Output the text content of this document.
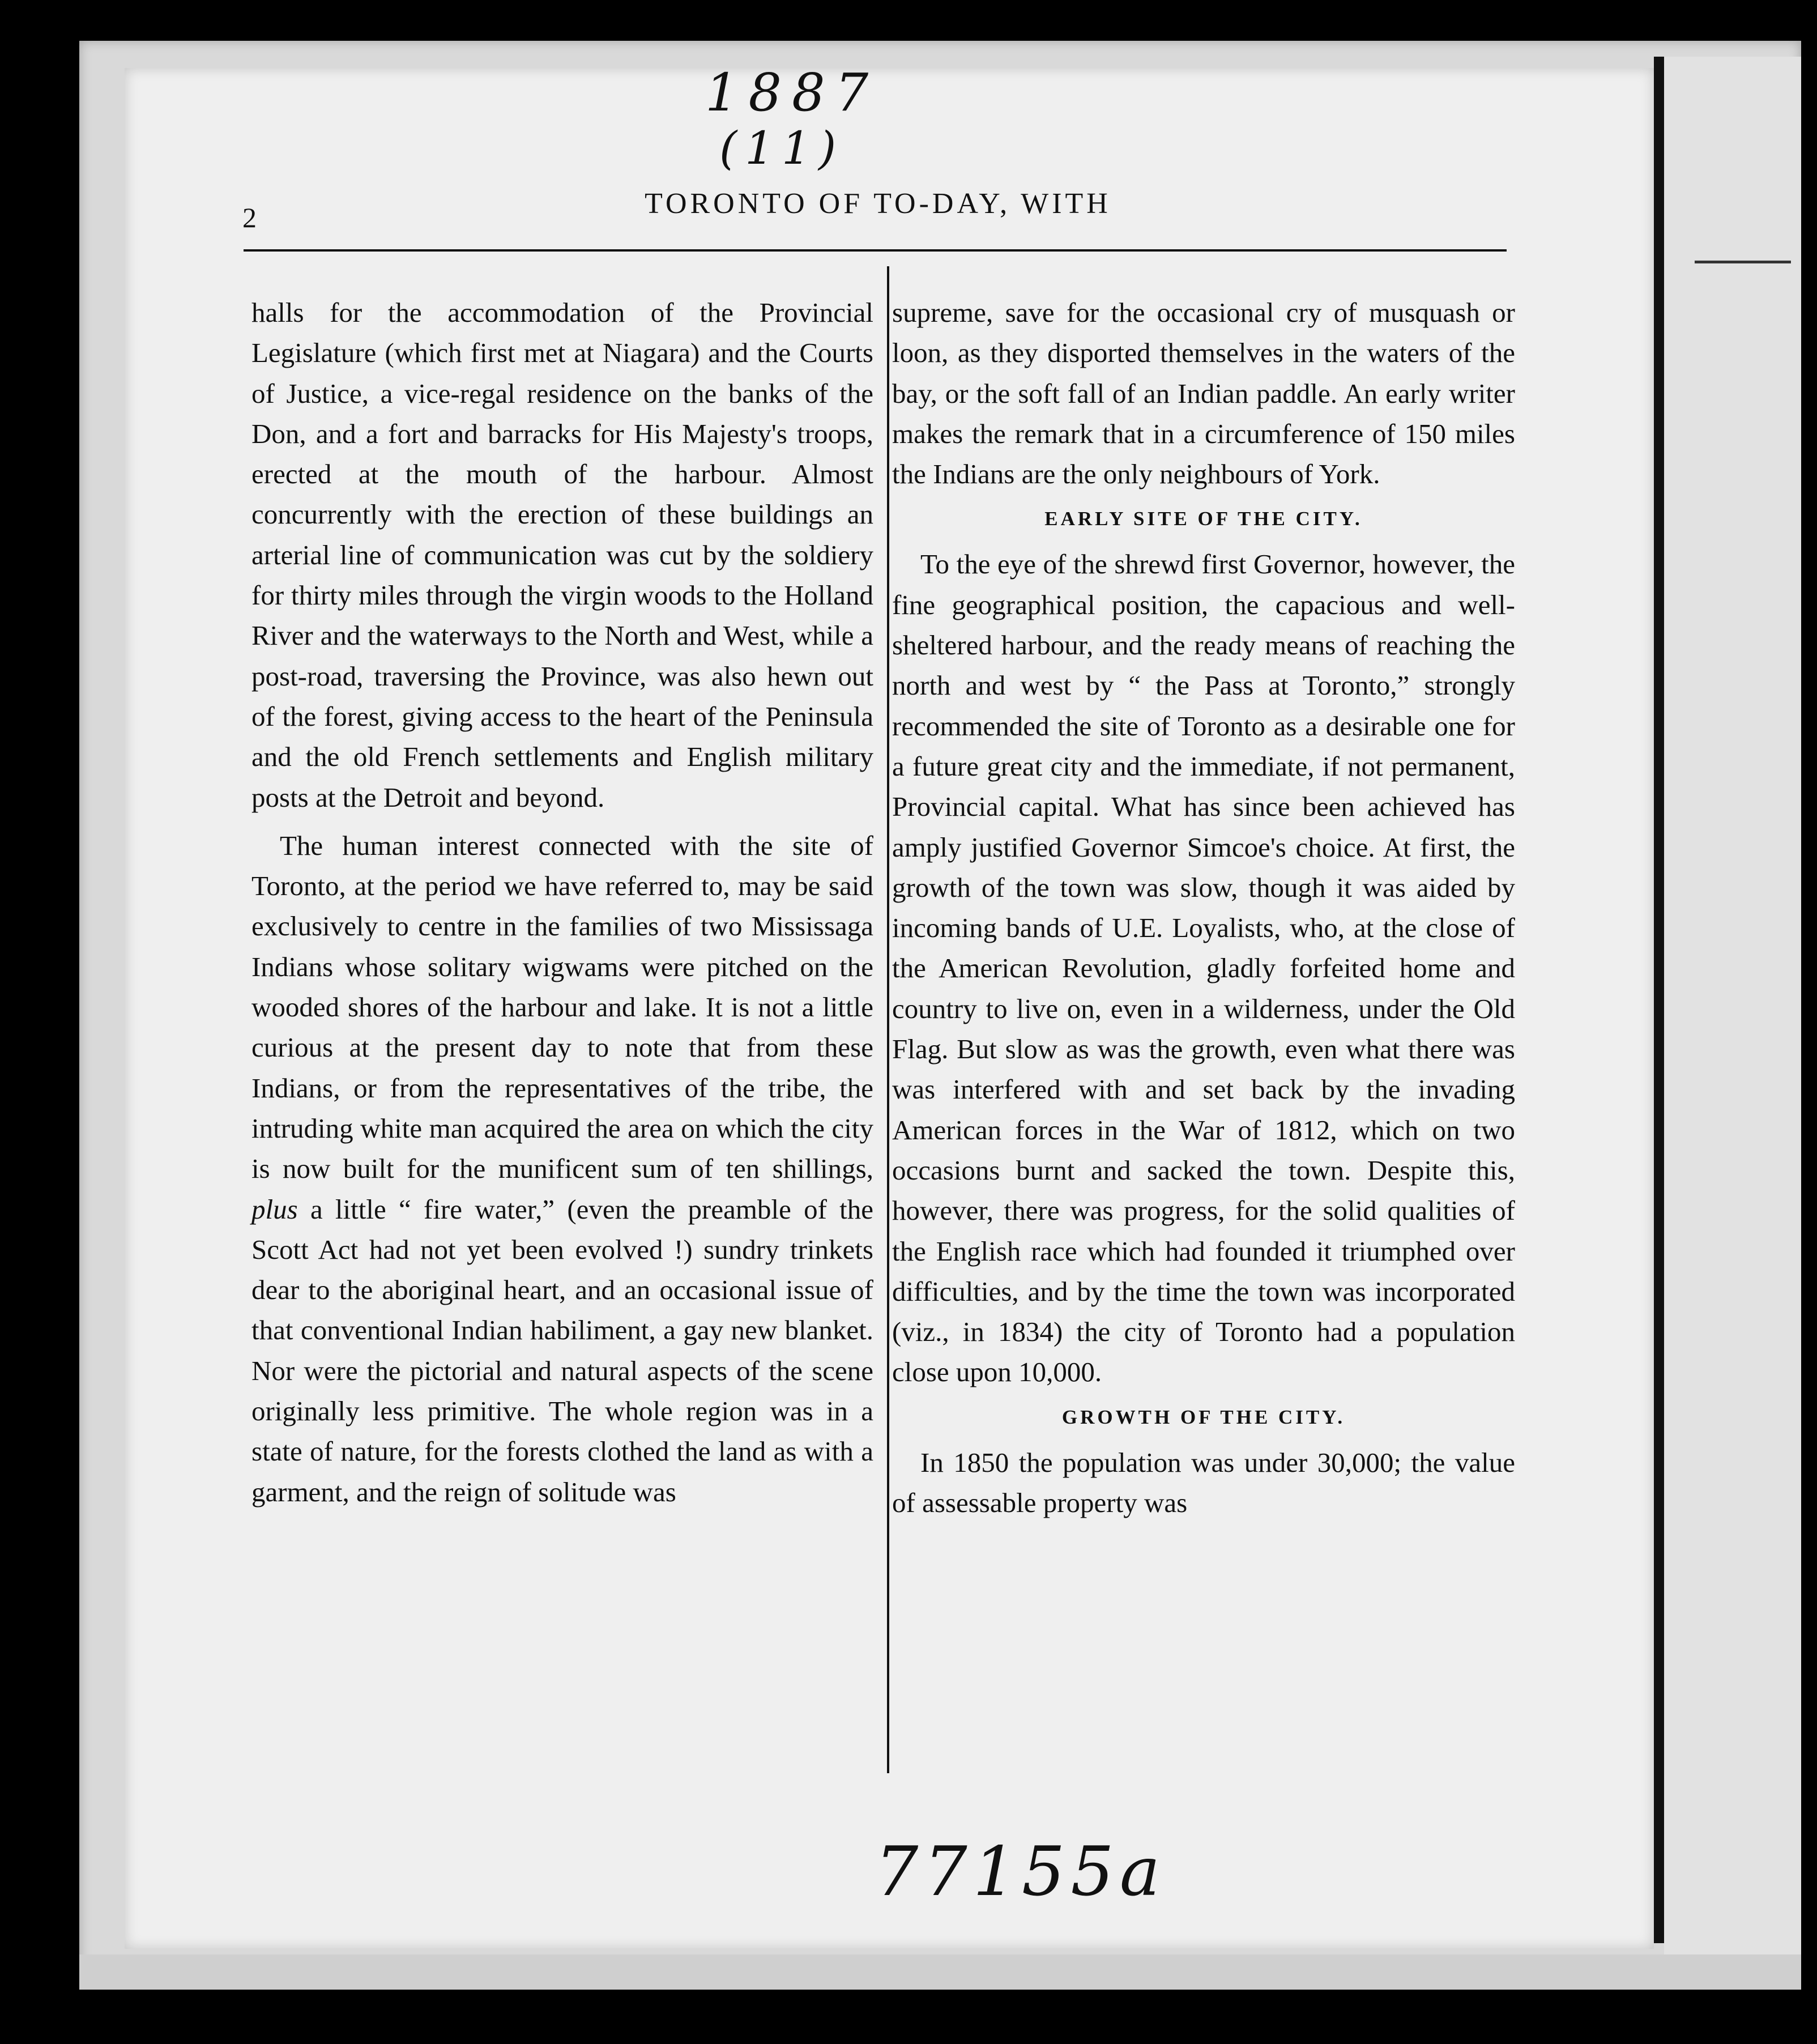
1887

(11)

2	TORONTO OF TO-DAY, WITH

halls for the accommodation of the Provincial Legislature (which first met at Niagara) and the Courts of Justice, a vice-regal residence on the banks of the Don, and a fort and barracks for His Majesty's troops, erected at the mouth of the harbour. Almost concurrently with the erection of these buildings an arterial line of communication was cut by the soldiery for thirty miles through the virgin woods to the Holland River and the waterways to the North and West, while a post-road, traversing the Province, was also hewn out of the forest, giving access to the heart of the Peninsula and the old French settlements and English military posts at the Detroit and beyond.

The human interest connected with the site of Toronto, at the period we have referred to, may be said exclusively to centre in the families of two Mississaga Indians whose solitary wigwams were pitched on the wooded shores of the harbour and lake. It is not a little curious at the present day to note that from these Indians, or from the representatives of the tribe, the intruding white man acquired the area on which the city is now built for the munificent sum of ten shillings, plus a little “ fire water,” (even the preamble of the Scott Act had not yet been evolved !) sundry trinkets dear to the aboriginal heart, and an occasional issue of that conventional Indian habiliment, a gay new blanket. Nor were the pictorial and natural aspects of the scene originally less primitive. The whole region was in a state of nature, for the forests clothed the land as with a garment, and the reign of solitude was

supreme, save for the occasional cry of musquash or loon, as they disported themselves in the waters of the bay, or the soft fall of an Indian paddle. An early writer makes the remark that in a circumference of 150 miles the Indians are the only neighbours of York.

EARLY SITE OF THE CITY.

To the eye of the shrewd first Governor, however, the fine geographical position, the capacious and well-sheltered harbour, and the ready means of reaching the north and west by “ the Pass at Toronto,” strongly recommended the site of Toronto as a desirable one for a future great city and the immediate, if not permanent, Provincial capital. What has since been achieved has amply justified Governor Simcoe's choice. At first, the growth of the town was slow, though it was aided by incoming bands of U.E. Loyalists, who, at the close of the American Revolution, gladly forfeited home and country to live on, even in a wilderness, under the Old Flag. But slow as was the growth, even what there was was interfered with and set back by the invading American forces in the War of 1812, which on two occasions burnt and sacked the town. Despite this, however, there was progress, for the solid qualities of the English race which had founded it triumphed over difficulties, and by the time the town was incorporated (viz., in 1834) the city of Toronto had a population close upon 10,000.

GROWTH OF THE CITY.

In 1850 the population was under 30,000; the value of assessable property was

77155a
